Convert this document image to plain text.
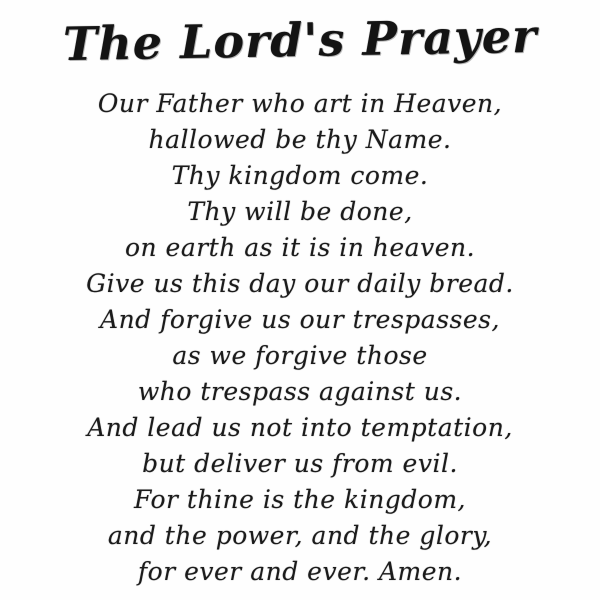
The Lord's Prayer
Our Father who art in Heaven,
hallowed be thy Name.
Thy kingdom come.
Thy will be done,
on earth as it is in heaven.
Give us this day our daily bread.
And forgive us our trespasses,
as we forgive those
who trespass against us.
And lead us not into temptation,
but deliver us from evil.
For thine is the kingdom,
and the power, and the glory,
for ever and ever. Amen.
